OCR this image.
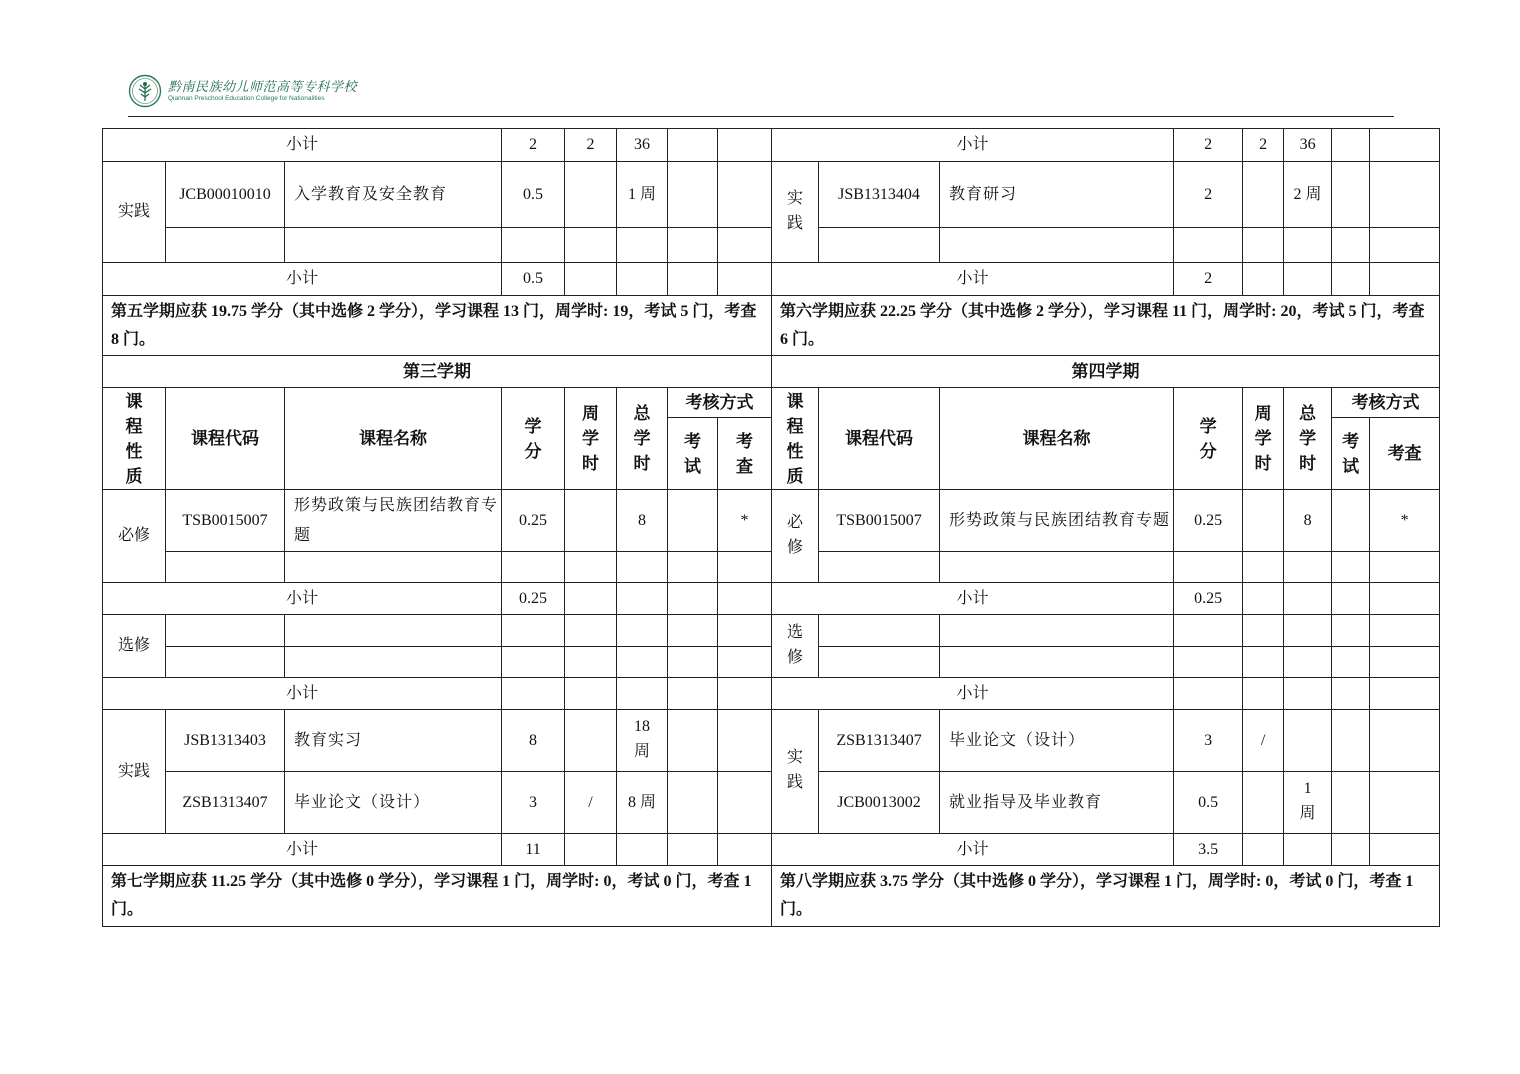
黔南民族幼儿师范高等专科学校
Qiannan Preschool Education College for Nationalities
小计			2	2	36			小计			2	2	36		
实践	JCB00010010	入学教育及安全教育	0.5		1 周			实践	JSB1313404	教育研习	2		2 周		

小计			0.5					小计			2				
第五学期应获 19.75 学分（其中选修 2 学分），学习课程 13 门，周学时: 19，考试 5 门，考查 8 门。								第六学期应获 22.25 学分（其中选修 2 学分），学习课程 11 门，周学时: 20，考试 5 门，考查 6 门。							
第三学期								第四学期							
课程性质	课程代码	课程名称	学分	周学时	总学时	考核方式		课程性质	课程代码	课程名称	学分	周学时	总学时	考核方式	
						考试	考查							考试	考查
必修	TSB0015007	形势政策与民族团结教育专题	0.25		8		*	必修	TSB0015007	形势政策与民族团结教育专题	0.25		8		*

小计			0.25					小计			0.25				
选修								选修							

小计								小计							
实践	JSB1313403	教育实习	8		18 周			实践	ZSB1313407	毕业论文（设计）	3	/			
	ZSB1313407	毕业论文（设计）	3	/	8 周				JCB0013002	就业指导及毕业教育	0.5		1 周		
小计			11					小计			3.5				
第七学期应获 11.25 学分（其中选修 0 学分），学习课程 1 门，周学时: 0，考试 0 门，考查 1 门。								第八学期应获 3.75 学分（其中选修 0 学分），学习课程 1 门，周学时: 0，考试 0 门，考查 1 门。							
